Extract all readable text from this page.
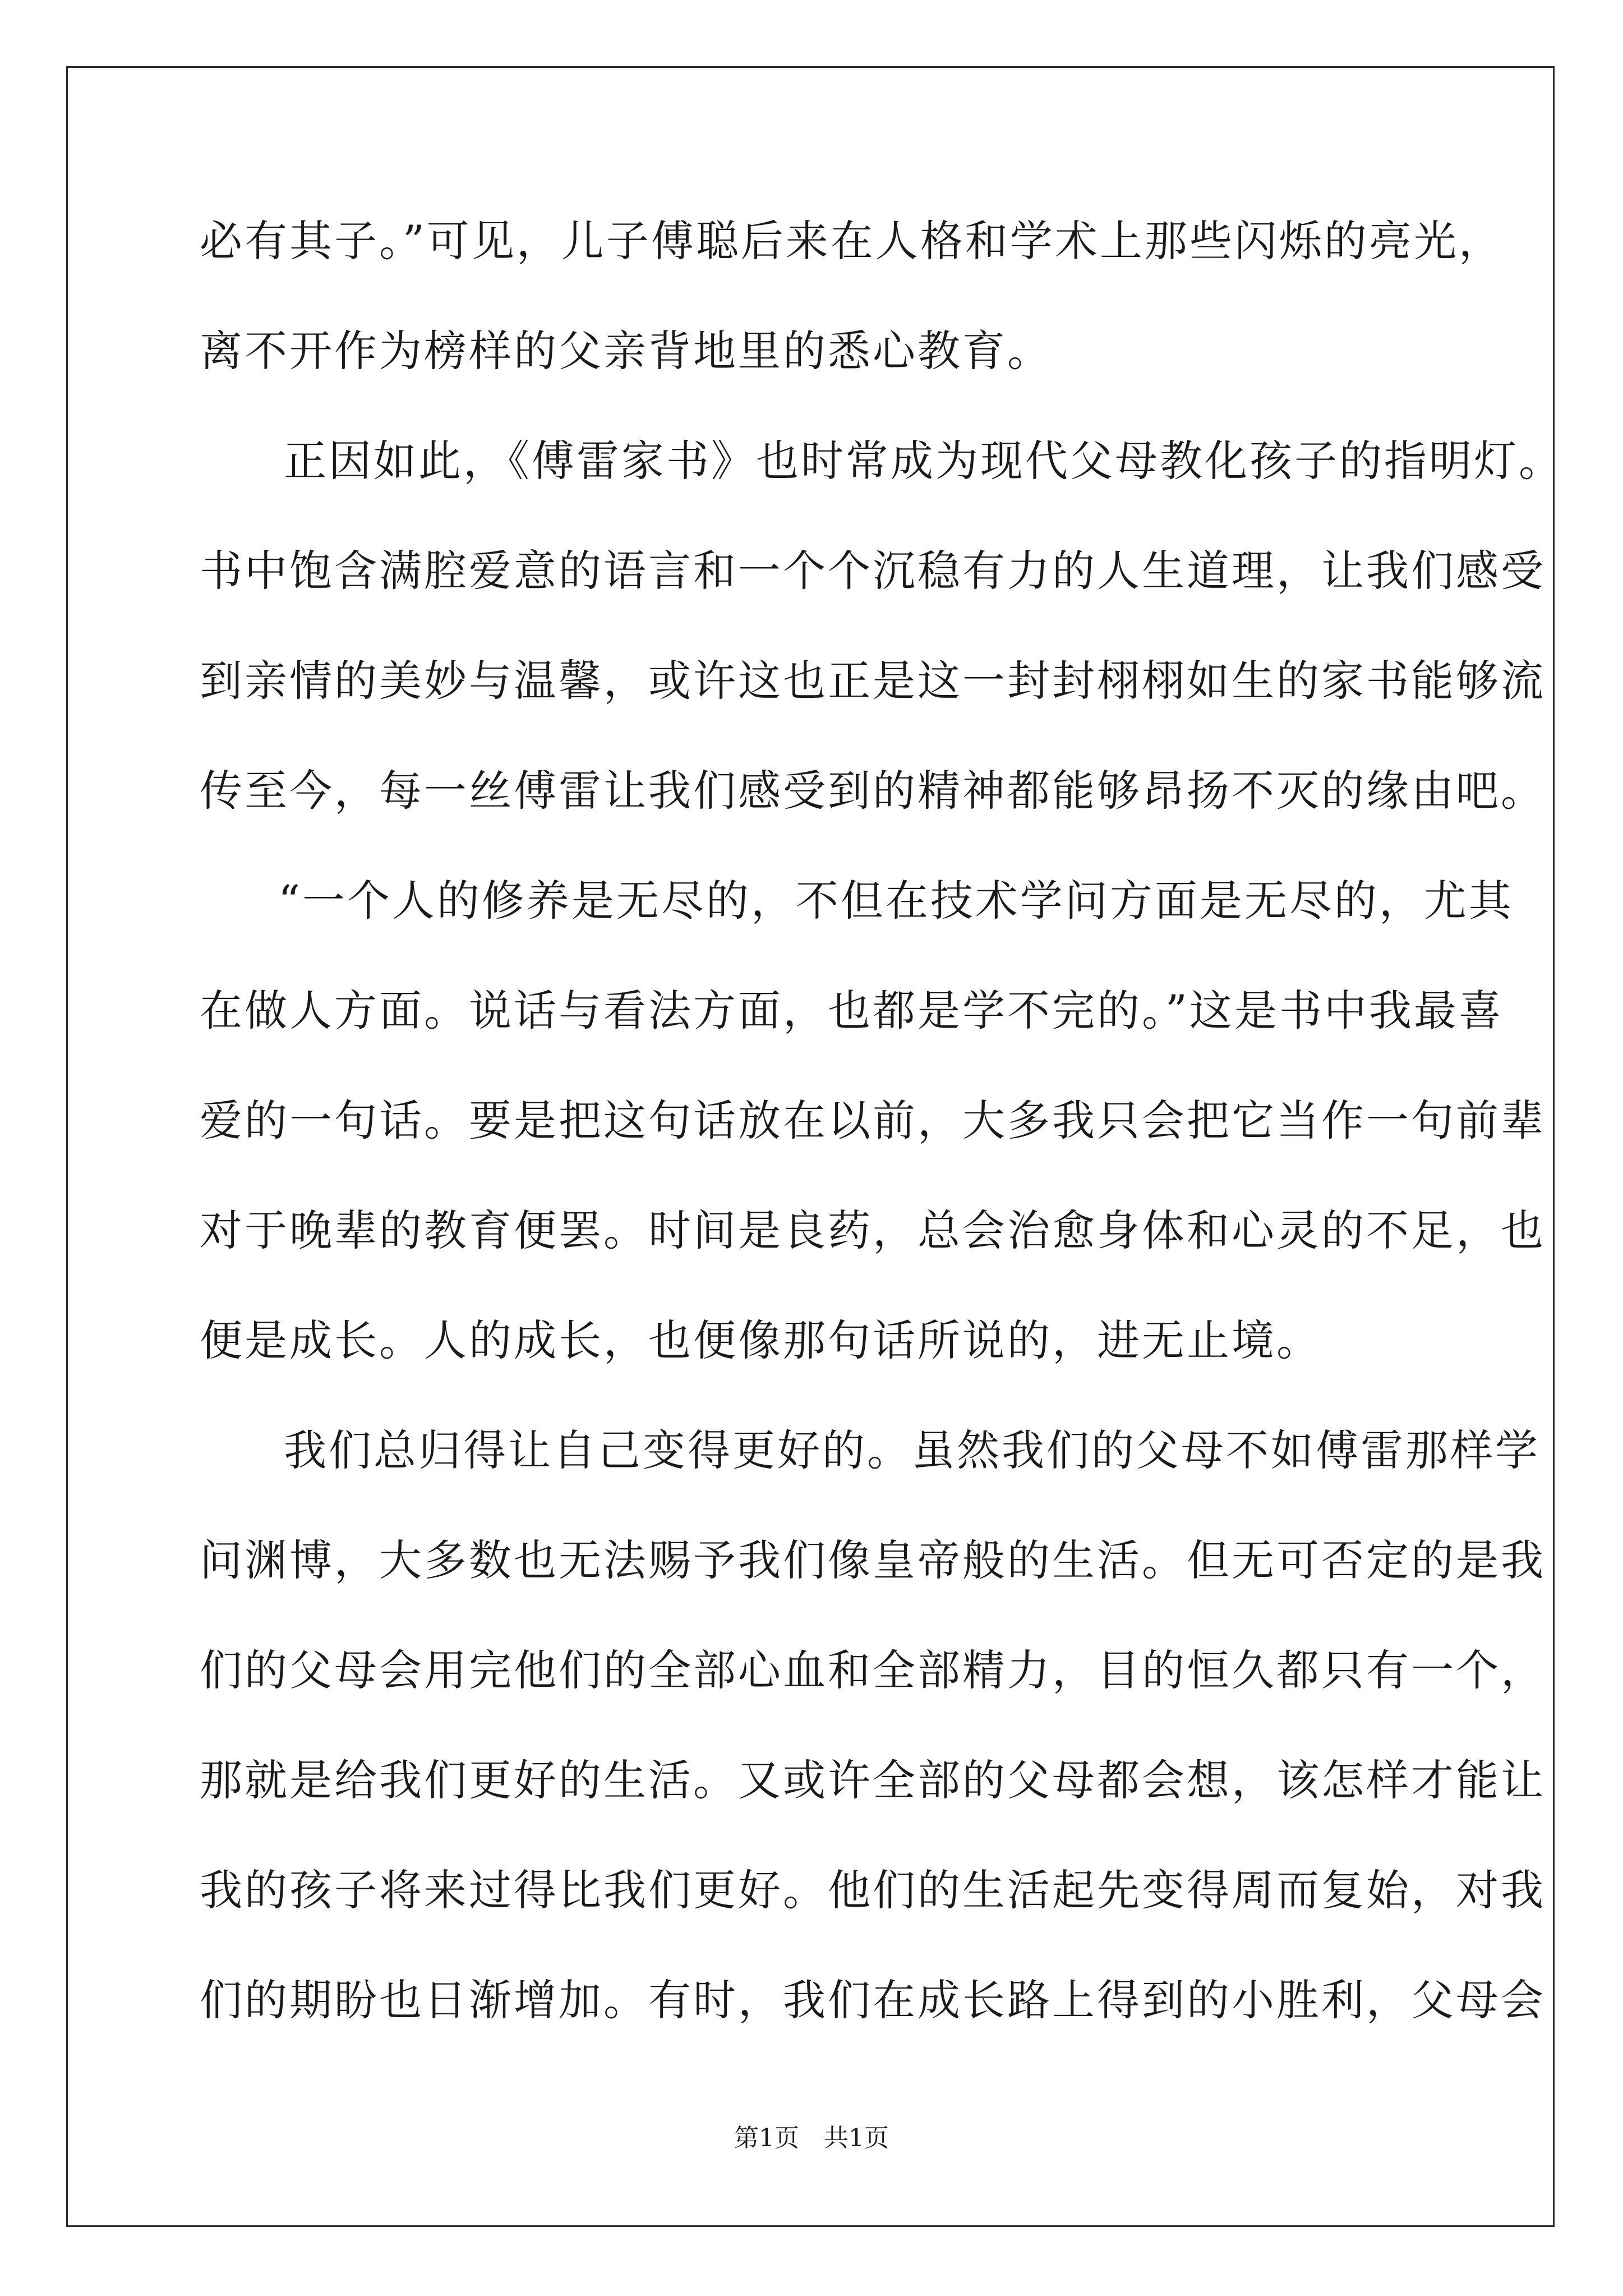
必有其子。”可见，儿子傅聪后来在人格和学术上那些闪烁的亮光，
离不开作为榜样的父亲背地里的悉心教育。
正因如此，《傅雷家书》也时常成为现代父母教化孩子的指明灯。
书中饱含满腔爱意的语言和一个个沉稳有力的人生道理，让我们感受
到亲情的美妙与温馨，或许这也正是这一封封栩栩如生的家书能够流
传至今，每一丝傅雷让我们感受到的精神都能够昂扬不灭的缘由吧。
“一个人的修养是无尽的，不但在技术学问方面是无尽的，尤其
在做人方面。说话与看法方面，也都是学不完的。”这是书中我最喜
爱的一句话。要是把这句话放在以前，大多我只会把它当作一句前辈
对于晚辈的教育便罢。时间是良药，总会治愈身体和心灵的不足，也
便是成长。人的成长，也便像那句话所说的，进无止境。
我们总归得让自己变得更好的。虽然我们的父母不如傅雷那样学
问渊博，大多数也无法赐予我们像皇帝般的生活。但无可否定的是我
们的父母会用完他们的全部心血和全部精力，目的恒久都只有一个，
那就是给我们更好的生活。又或许全部的父母都会想，该怎样才能让
我的孩子将来过得比我们更好。他们的生活起先变得周而复始，对我
们的期盼也日渐增加。有时，我们在成长路上得到的小胜利，父母会
第1页 共1页
